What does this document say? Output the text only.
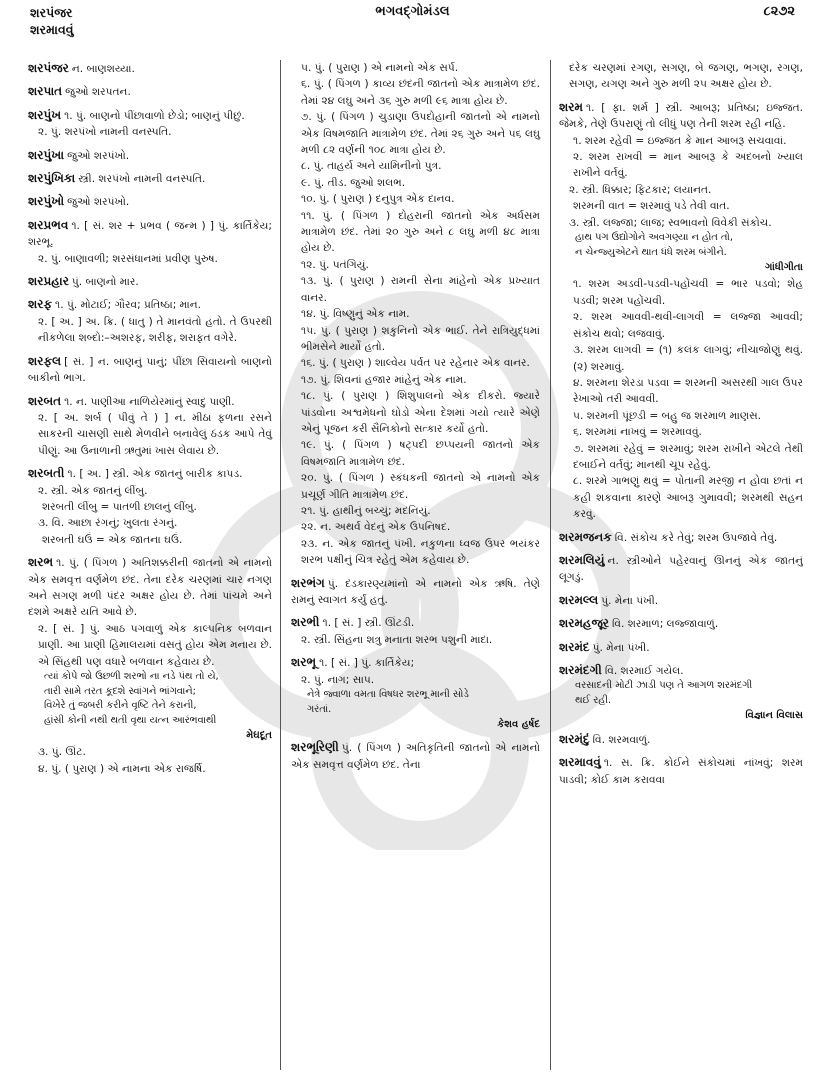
શરપંજર
શરમાવવું
ભગવદ્ગોમંડલ	૮૨૭૨
શરપંજર ન. બાણશય્યા.
શરપાત જુઓ શરપતન.
શરપુંખ ૧. પું. બાણનો પીંછાવાળો છેડો; બાણનું પીછું.
૨. પું. શરપંખો નામની વનસ્પતિ.
શરપુંખા જુઓ શરપંખો.
શરપુંખિકા સ્ત્રી. શરપંખો નામની વનસ્પતિ.
શરપુંખો જુઓ શરપંખો.
શરપ્રભવ ૧. [ સં. શર + પ્રભવ ( જન્મ ) ] પું. કાર્તિકેય; શરભૂ.
૨. પું. બાણાવળી; શરસંધાનમાં પ્રવીણ પુરુષ.
શરપ્રહાર પું. બાણનો માર.
શરફ ૧. પું. મોટાઈ; ગૌરવ; પ્રતિષ્ઠા; માન.
૨. [ અ. ] અ. ક્રિ. ( ધાતુ ) તે માનવંતો હતો. તે ઉપરથી નીકળેલા શબ્દો:–અશરફ, શરીફ, શરાફત વગેરે.
શરફલ [ સં. ] ન. બાણનું પાનું; પીંછા સિવાયનો બાણનો બાકીનો ભાગ.
શરબત ૧. ન. પાણીઆ નાળિયેરમાંનું સ્વાદુ પાણી.
૨. [ અ. શર્બ ( પીવું તે ) ] ન. મીઠા ફળના રસને સાકરની ચાસણી સાથે મેળવીને બનાવેલું ઠંડક આપે તેવું પીણું. આ ઉનાળાની ઋતુમાં ખાસ લેવાય છે.
શરબતી ૧. [ અ. ] સ્ત્રી. એક જાતનું બારીક કાપડ.
૨. સ્ત્રી. એક જાતનું લીંબુ.
શરબતી લીંબુ = પાતળી છાલનું લીંબુ.
૩. વિ. આછા રંગનું; ખુલતા રંગનું.
શરબતી ઘઉં = એક જાતના ઘઉં.
શરભ ૧. પું. ( પિંગળ ) અતિશક્કરીની જાતનો એ નામનો એક સમવૃત્ત વર્ણમેળ છંદ. તેના દરેક ચરણમાં ચાર નગણ અને સગણ મળી પંદર અક્ષર હોય છે. તેમાં પાંચમે અને દશમે અક્ષરે યતિ આવે છે.
૨. [ સં. ] પું. આઠ પગવાળું એક કાલ્પનિક બળવાન પ્રાણી. આ પ્રાણી હિમાલયમાં વસતું હોય એમ મનાય છે. એ સિંહથી પણ વધારે બળવાન કહેવાય છે.
ત્યાં કોપે જો ઉછળી શરભો ના નડે પંથ તો યે,
તારી સામે તરત કૂદશે સ્વાંગને ભાંગવાને;
વિખેરે તું જબરી કરીને વૃષ્ટિ તેને કરાની,
હાંસી કોની નથી થતી વૃથા યત્ન આરંભવાથી
મેઘદૂત
૩. પું. ઊંટ.
૪. પું. ( પુરાણ ) એ નામના એક રાજર્ષિ.
૫. પું. ( પુરાણ ) એ નામનો એક સર્પ.
૬. પું. ( પિંગળ ) કાવ્ય છંદની જાતનો એક માત્રામેળ છંદ. તેમાં ૨૪ લઘુ અને ૩૬ ગુરુ મળી ૯૬ માત્રા હોય છે.
૭. પું. ( પિંગળ ) ચુડાણા ઉપદોહાની જાતનો એ નામનો એક વિષમજાતિ માત્રામેળ છંદ. તેમાં ૨૬ ગુરુ અને ૫૬ લઘુ મળી ૮૨ વર્ણની ૧૦૮ માત્રા હોય છે.
૮. પું. તાહર્ય અને યામિનીનો પુત્ર.
૯. પું. તીડ. જુઓ શલભ.
૧૦. પું. ( પુરાણ ) દનુપુત્ર એક દાનવ.
૧૧. પું. ( પિંગળ ) દોહરાની જાતનો એક અર્ધસમ માત્રામેળ છંદ. તેમાં ૨૦ ગુરુ અને ૮ લઘુ મળી ૪૮ માત્રા હોય છે.
૧૨. પું. પતંગિયું.
૧૩. પું. ( પુરાણ ) રામની સેના માંહેનો એક પ્રખ્યાત વાનર.
૧૪. પું. વિષ્ણુનું એક નામ.
૧૫. પું. ( પુરાણ ) શકુનિનો એક ભાઈ. તેને રાત્રિયુદ્ધમાં ભીમસેને માર્યો હતો.
૧૬. પું. ( પુરાણ ) શાલ્વેય પર્વત પર રહેનાર એક વાનર.
૧૭. પું. શિવનાં હજાર માંહેનું એક નામ.
૧૮. પું. ( પુરાણ ) શિશુપાલનો એક દીકરો. જ્યારે પાંડવોના અશ્વમેધનો ઘોડો એના દેશમાં ગયો ત્યારે એણે એનું પૂજન કરી સૈનિકોનો સત્કાર કર્યો હતો.
૧૯. પું. ( પિંગળ ) ષટ્પદી છપ્પયની જાતનો એક વિષમજાતિ માત્રામેળ છંદ.
૨૦. પું. ( પિંગળ ) સ્કંધકની જાતનો એ નામનો એક પ્રચૂર્ણ ગીતિ માત્રામેળ છંદ.
૨૧. પું. હાથીનું બચ્ચું; મદનિયું.
૨૨. ન. અથર્વ વેદનું એક ઉપનિષદ.
૨૩. ન. એક જાતનું પંખી. નકુળના ધ્વજ ઉપર ભયંકર શરભ પક્ષીનું ચિત્ર રહેતું એમ કહેવાય છે.
શરભંગ પું. દંડકારણ્યમાંનો એ નામનો એક ઋષિ. તેણે રામનું સ્વાગત કર્યું હતું.
શરભી ૧. [ સં. ] સ્ત્રી. ઊંટડી.
૨. સ્ત્રી. સિંહના શત્રુ મનાતા શરભ પશુની માદા.
શરભૂ ૧. [ સં. ] પું. કાર્તિકેય;
૨. પું. નાગ; સાપ.
નેત્રે જ્વાળા વમતા વિષધર શરભૂ માની સોડે
ગરંતાં.
કેશવ હર્ષદ
શરભૂરિણી પું. ( પિંગળ ) અતિકૃતિની જાતનો એ નામનો એક સમવૃત્ત વર્ણમેળ છંદ. તેના
દરેક ચરણમાં રગણ, સગણ, બે જગણ, ભગણ, રગણ, સગણ, યગણ અને ગુરુ મળી ૨૫ અક્ષર હોય છે.
શરમ ૧. [ ફા. શર્મ ] સ્ત્રી. આબરૂ; પ્રતિષ્ઠા; ઇજ્જત. જેમકે, તેણે ઉપરાણું તો લીધું પણ તેની શરમ રહી નહિ.
૧. શરમ રહેવી = ઇજ્જત કે માન આબરૂ સચવાવાં.
૨. શરમ રાખવી = માન આબરૂ કે અદબનો ખ્યાલ રાખીને વર્તવું.
૨. સ્ત્રી. ધિક્કાર; ફિટકાર; લયાનત.
શરમની વાત = શરમાવું પડે તેવી વાત.
૩. સ્ત્રી. લજ્જા; લાજ; સ્વભાવનો વિવેકી સંકોચ.
હાથ પગ ઉદ્યોગોને અવગણ્યા ન હોત તો,
ન ચેન્જ્યુએટને થાત ધંધે શરમ બંગીને.
ગાંધીગીતા
૧. શરમ અડવી-પડવી-પહોંચવી = ભાર પડવો; શેહ પડવી; શરમ પહોંચવી.
૨. શરમ આવવી-થવી-લાગવી = લજ્જા આવવી; સંકોચ થવો; લજવાવું.
૩. શરમ લાગવી = (૧) કલંક લાગવું; નીચાજોણું થવું. (૨) શરમાવું.
૪. શરમના શેરડા પડવા = શરમની અસરથી ગાલ ઉપર રેખાઓ તરી આવવી.
૫. શરમની પૂંછડી = બહુ જ શરમાળ માણસ.
૬. શરમમાં નાખવું = શરમાવવું.
૭. શરમમાં રહેવું = શરમાવું; શરમ રાખીને એટલે તેથી દબાઈને વર્તવું; માનથી ચૂપ રહેવું.
૮. શરમે ગાભણું થવું = પોતાની મરજી ન હોવા છતાં ન કહી શકવાના કારણે આબરૂ ગુમાવવી; શરમથી સહન કરવું.
શરમજનક વિ. સંકોચ કરે તેવું; શરમ ઉપજાવે તેવું.
શરમલિયું ન. સ્ત્રીઓને પહેરવાનું ઊનનું એક જાતનું લૂગડું.
શરમલ્લ પું. મેના પંખી.
શરમહજૂર વિ. શરમાળ; લજ્જાવાળું.
શરમંદ પું. મેના પંખી.
શરમંદગી વિ. શરમાઈ ગયેલ.
વરસાદની મોટી ઝાડી પણ તે આગળ શરમંદગી
થઈ રહી.
વિજ્ઞાન વિલાસ
શરમંદું વિ. શરમવાળું.
શરમાવવું ૧. સ. ક્રિ. કોઈને સંકોચમાં નાંખવું; શરમ પાડવી; કોઈ કામ કરાવવા
